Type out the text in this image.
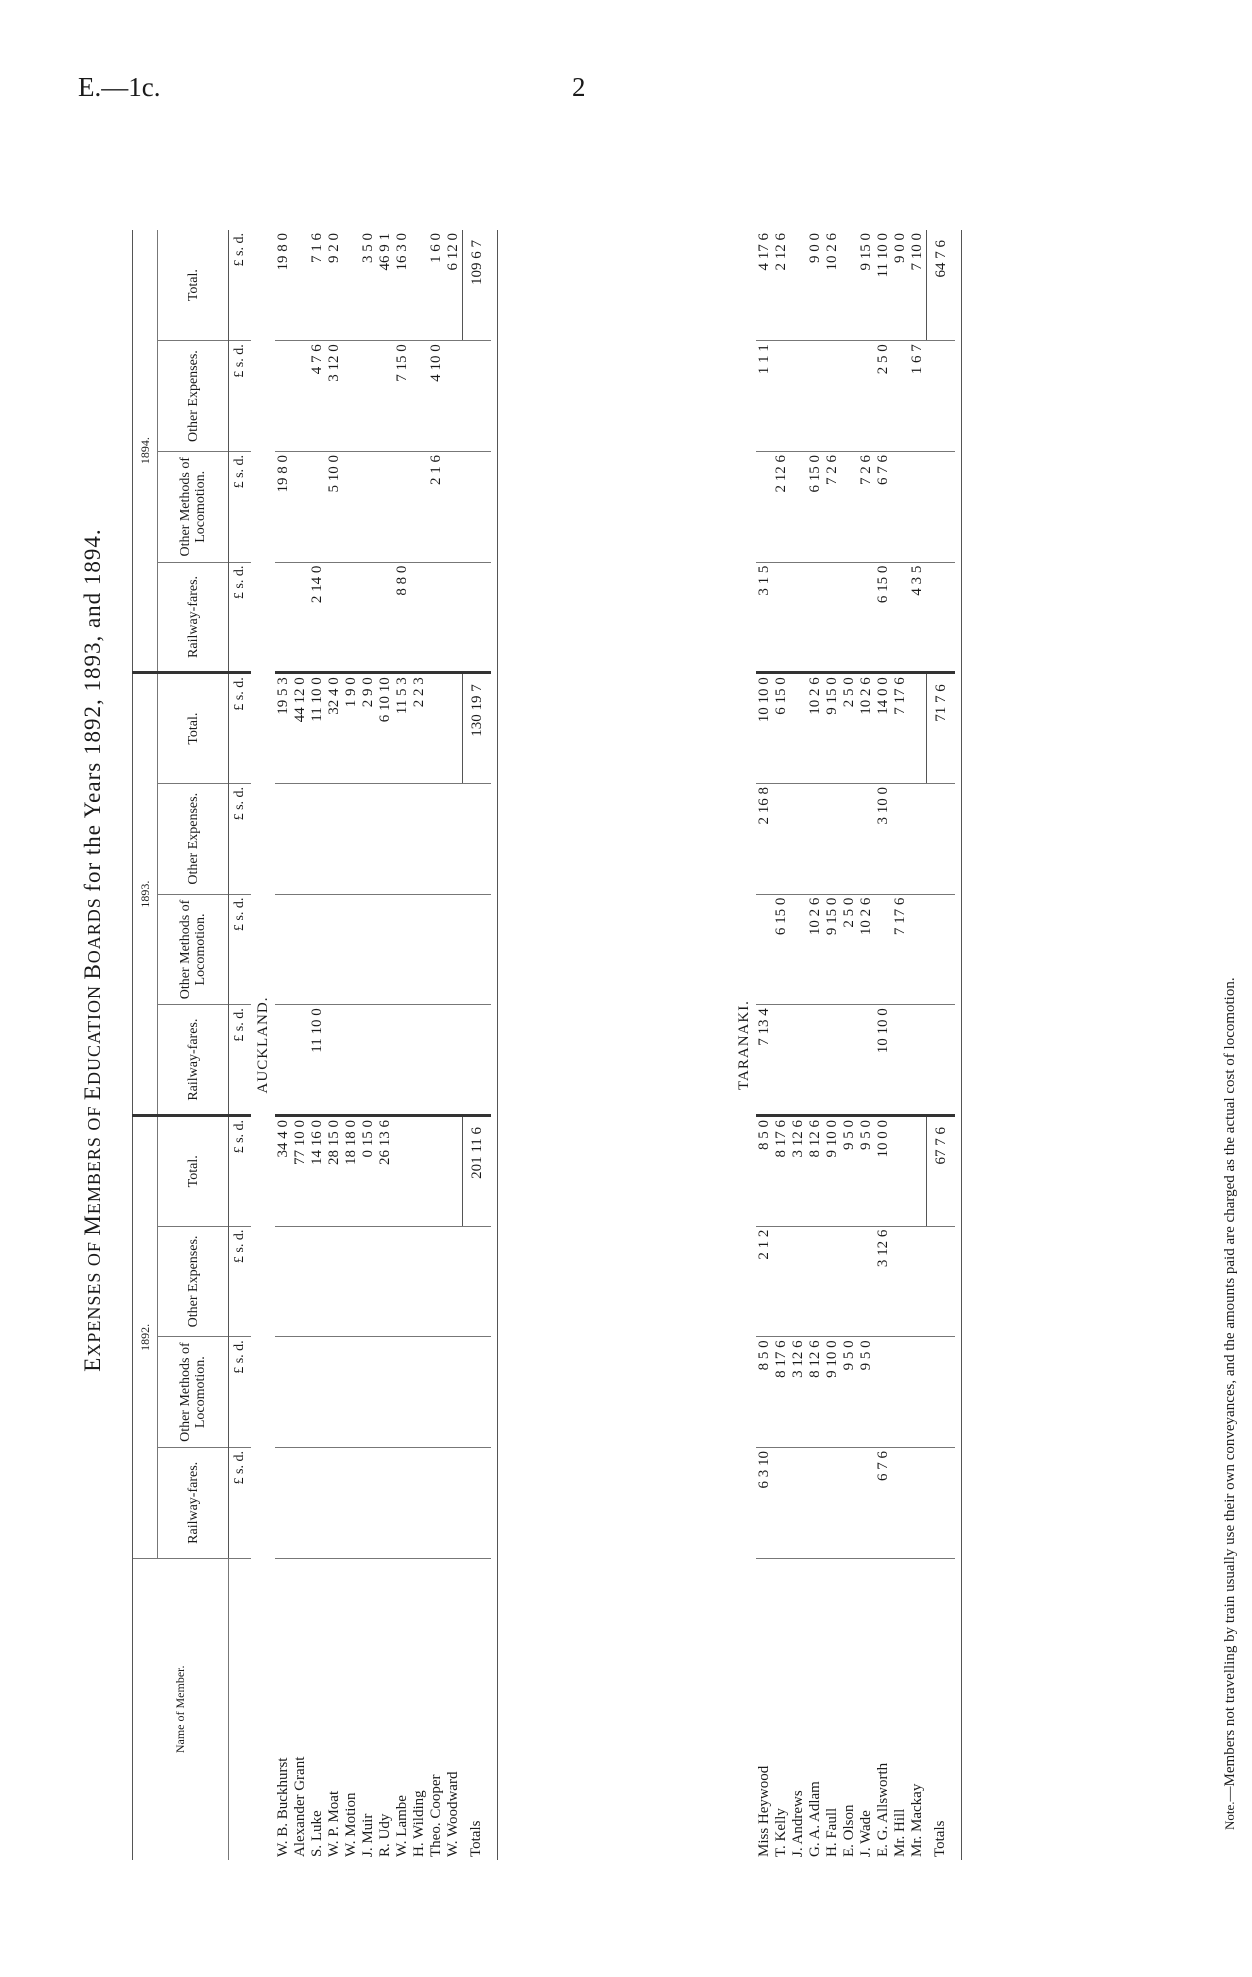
E.—1c.	2
EXPENSES OF MEMBERS OF EDUCATION BOARDS for the Years 1892, 1893, and 1894.
Name of Member.	1892.				1893.				1894.			
	Railway-fares.	Other Methods of Locomotion.	Other Expenses.	Total.	Railway-fares.	Other Methods of Locomotion.	Other Expenses.	Total.	Railway-fares.	Other Methods of Locomotion.	Other Expenses.	Total.
	£ s. d.	£ s. d.	£ s. d.	£ s. d.	£ s. d.	£ s. d.	£ s. d.	£ s. d.	£ s. d.	£ s. d.	£ s. d.	£ s. d.
AUCKLAND.												
W. B. Buckhurst				34 4 0				19 5 3		19 8 0		19 8 0
Alexander Grant				77 10 0				44 12 0				
S. Luke				14 16 0	11 10 0			11 10 0	2 14 0		4 7 6	7 1 6
W. P. Moat				28 15 0				32 4 0		5 10 0	3 12 0	9 2 0
W. Motion				18 18 0				1 9 0				
J. Muir				0 15 0				2 9 0				3 5 0
R. Udy				26 13 6				6 10 10				46 9 1
W. Lambe								11 5 3	8 8 0		7 15 0	16 3 0
H. Wilding								2 2 3				
Theo. Cooper										2 1 6	4 10 0	1 6 0
W. Woodward												6 12 0
Totals				201 11 6				130 19 7				109 6 7

TARANAKI.												
Miss Heywood	6 3 10	8 5 0	2 1 2	8 5 0	7 13 4		2 16 8	10 10 0	3 1 5		1 1 1	4 17 6
T. Kelly		8 17 6		8 17 6		6 15 0		6 15 0		2 12 6		2 12 6
J. Andrews		3 12 6		3 12 6								
G. A. Adlam		8 12 6		8 12 6		10 2 6		10 2 6		6 15 0		9 0 0
H. Faull		9 10 0		9 10 0		9 15 0		9 15 0		7 2 6		10 2 6
E. Olson		9 5 0		9 5 0		2 5 0		2 5 0				
J. Wade		9 5 0		9 5 0		10 2 6		10 2 6		7 2 6		9 15 0
E. G. Allsworth	6 7 6		3 12 6	10 0 0	10 10 0		3 10 0	14 0 0	6 15 0	6 7 6	2 5 0	11 10 0
Mr. Hill						7 17 6		7 17 6				9 0 0
Mr. Mackay									4 3 5		1 6 7	7 10 0
Totals				67 7 6				71 7 6				64 7 6

Note.—Members not travelling by train usually use their own conveyances, and the amounts paid are charged as the actual cost of locomotion.
